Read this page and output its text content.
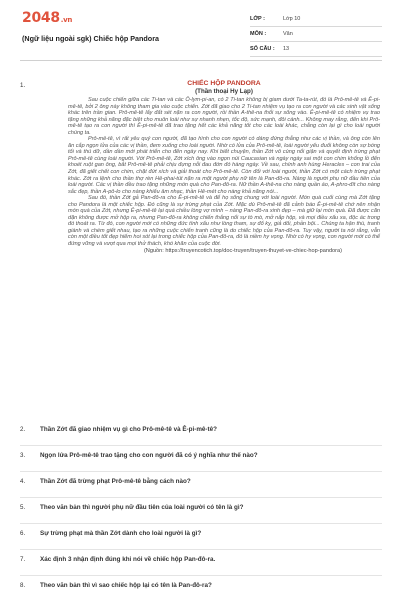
2048.vn
(Ngữ liệu ngoài sgk) Chiếc hộp Pandora
LỚP :	Lớp 10
MÔN :	Văn
SỐ CÂU :	13
1.	CHIẾC HỘP PANDORA
(Thần thoại Hy Lạp)

Sau cuộc chiến giữa các Ti-tan và các Ô-lym-pi-an, có 2 Ti-tan không bị giam dưới Ta-ta-rút, đó là Prô-mê-tê và Ê-pi-mê-tê, bởi 2 ông này không tham gia vào cuộc chiến. Zớt đã giao cho 2 Ti-tan nhiệm vụ tạo ra con người và các sinh vật sống khác trên trần gian. Prô-mê-tê lấy đất sét nặn ra con người, rồi thần A-thê-na thổi sự sống vào. Ê-pi-mê-tê có nhiệm vụ trao tặng những khả năng đặc biệt cho muôn loài như sự nhanh nhẹn, tốc độ, sức mạnh, đôi cánh... Không may rằng, đến khi Prô-mê-tê tạo ra con người thì Ê-pi-mê-tê đã trao tặng hết các khả năng tốt cho các loài khác, chẳng còn lại gì cho loài người chúng ta.

Prô-mê-tê, vì rất yêu quý con người, đã tạo hình cho con người có dáng đứng thẳng như các vị thần, và ông còn lên ăn cắp ngọn lửa của các vị thần, đem xuống cho loài người. Nhờ có lửa của Prô-mê-tê, loài người yếu đuối không còn sợ bóng tối và thú dữ, dần dần mới phát triển cho đến ngày nay. Khi biết chuyện, thần Zớt vô cùng nổi giận và quyết định trừng phạt Prô-mê-tê cùng loài người. Với Prô-mê-tê, Zớt xích ông vào ngọn núi Caucasian và ngày ngày sai một con chim khổng lồ đến khoét ruột gan ông, bắt Prô-mê-tê phải chịu đựng nỗi đau đớn đó hàng ngày. Về sau, chính anh hùng Heracles – con trai của Zớt, đã giết chết con chim, chặt đứt xích và giải thoát cho Prô-mê-tê. Còn đối với loài người, thần Zớt có một cách trừng phạt khác. Zớt ra lệnh cho thần thợ rèn Hê-phai-tút nặn ra một người phụ nữ tên là Pan-đô-ra. Nàng là người phụ nữ đầu tiên của loài người. Các vị thần đều trao tặng những món quà cho Pan-đô-ra. Nữ thần A-thê-na cho nàng quần áo, A-phro-đít cho nàng sắc đẹp, thần A-pô-lo cho nàng khiếu âm nhạc, thần Hê-mét cho nàng khả năng nói...

Sau đó, thần Zớt gả Pan-đô-ra cho Ê-pi-mê-tê và để họ sống chung với loài người. Món quà cuối cùng mà Zớt tặng cho Pandora là một chiếc hộp. Đó cũng là sự trừng phạt của Zớt. Mặc dù Prô-mê-tê đã cảnh báo Ê-pi-mê-tê chớ nên nhận món quà của Zớt, nhưng Ê-pi-mê-tê lại quá chiều lòng vợ mình – nàng Pan-đô-ra xinh đẹp – mà giữ lại món quà. Đã được căn dặn không được mở hộp ra, nhưng Pan-đô-ra không chiến thắng nổi sự tò mò, mở nắp hộp, và mọi điều xấu xa, độc ác trong đó thoát ra. Từ đó, con người mới có những đức tính xấu như lòng tham, sự đố kỵ, giả dối, phản bội... Chúng ta hận thù, tranh giành và chém giết nhau, tạo ra những cuộc chiến tranh cũng là do chiếc hộp của Pan-đô-ra. Tuy vậy, người ta nói rằng, vẫn còn một điều tốt đẹp hiếm hoi sót lại trong chiếc hộp của Pan-đô-ra, đó là niềm hy vọng. Nhờ có hy vọng, con người mới có thể đứng vững và vượt qua mọi thử thách, khó khăn của cuộc đời.

(Nguồn: https://truyencotich.top/doc-truyen/truyen-thuyet-ve-chiec-hop-pandora)
2. Thần Zớt đã giao nhiệm vụ gì cho Prô-mê-tê và Ê-pi-mê-tê?
3. Ngọn lửa Prô-mê-tê trao tặng cho con người đã có ý nghĩa như thế nào?
4. Thần Zớt đã trừng phạt Prô-mê-tê bằng cách nào?
5. Theo văn bản thì người phụ nữ đầu tiên của loài người có tên là gì?
6. Sự trừng phạt mà thần Zớt dành cho loài người là gì?
7. Xác định 3 nhận định đúng khi nói về chiếc hộp Pan-đô-ra.
8. Theo văn bản thì vì sao chiếc hộp lại có tên là Pan-đô-ra?
